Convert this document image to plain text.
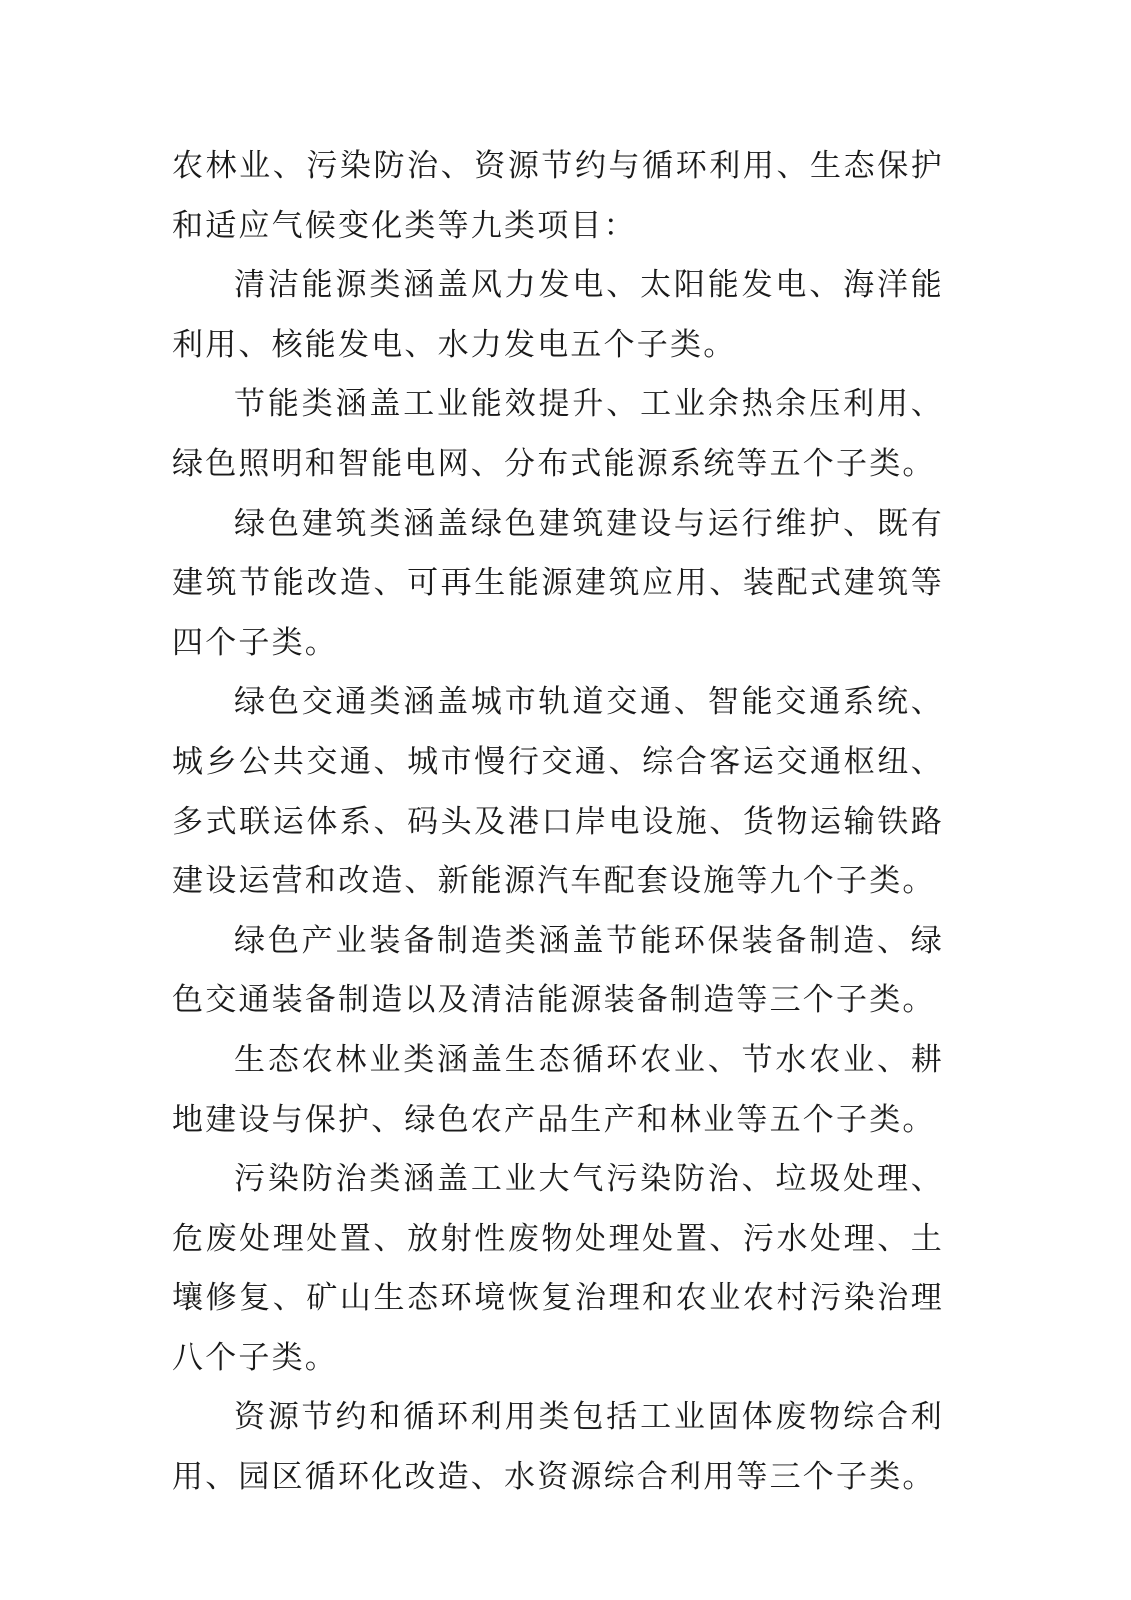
农林业、污染防治、资源节约与循环利用、生态保护和适应气候变化类等九类项目：

清洁能源类涵盖风力发电、太阳能发电、海洋能利用、核能发电、水力发电五个子类。

节能类涵盖工业能效提升、工业余热余压利用、绿色照明和智能电网、分布式能源系统等五个子类。

绿色建筑类涵盖绿色建筑建设与运行维护、既有建筑节能改造、可再生能源建筑应用、装配式建筑等四个子类。

绿色交通类涵盖城市轨道交通、智能交通系统、城乡公共交通、城市慢行交通、综合客运交通枢纽、多式联运体系、码头及港口岸电设施、货物运输铁路建设运营和改造、新能源汽车配套设施等九个子类。

绿色产业装备制造类涵盖节能环保装备制造、绿色交通装备制造以及清洁能源装备制造等三个子类。

生态农林业类涵盖生态循环农业、节水农业、耕地建设与保护、绿色农产品生产和林业等五个子类。

污染防治类涵盖工业大气污染防治、垃圾处理、危废处理处置、放射性废物处理处置、污水处理、土壤修复、矿山生态环境恢复治理和农业农村污染治理八个子类。

资源节约和循环利用类包括工业固体废物综合利用、园区循环化改造、水资源综合利用等三个子类。
